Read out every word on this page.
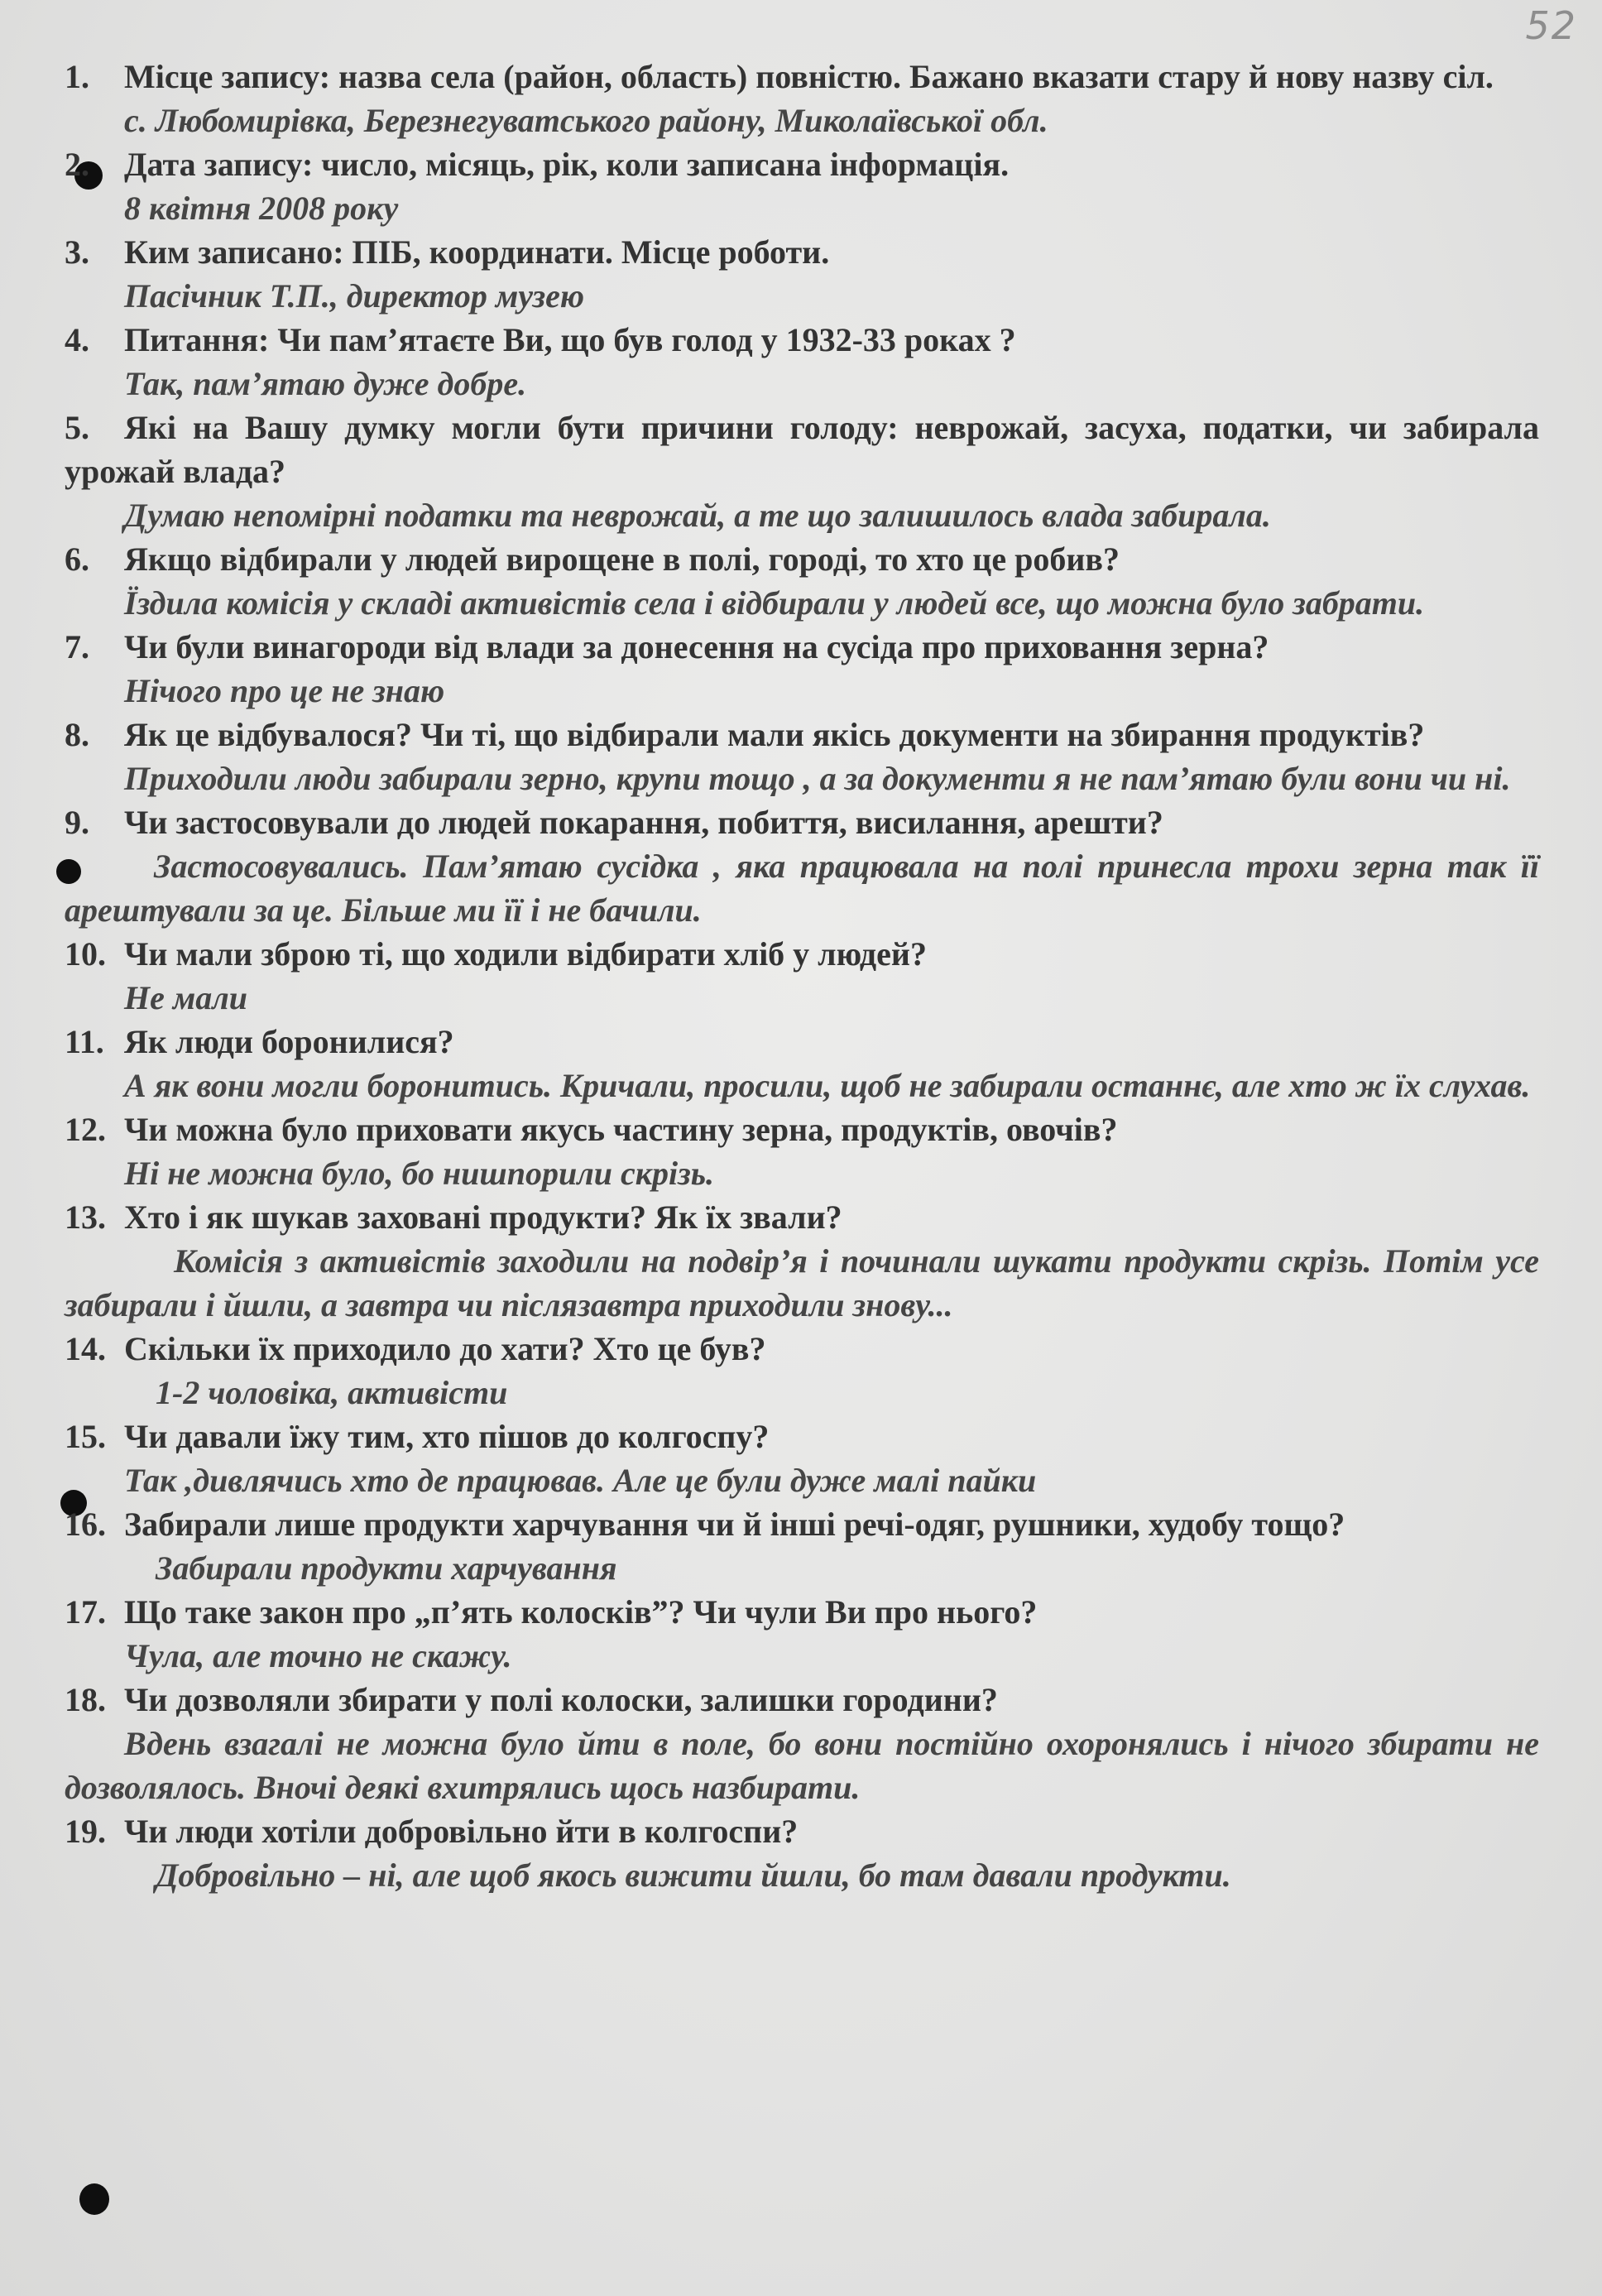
52
1. Місце запису: назва села (район, область) повністю. Бажано вказати стару й нову назву сіл.
с. Любомирівка, Березнегуватського району, Миколаївської обл.
2. Дата запису: число, місяць, рік, коли записана інформація.
8 квітня 2008 року
3. Ким записано: ПІБ, координати. Місце роботи.
Пасічник Т.П., директор музею
4. Питання: Чи пам’ятаєте Ви, що був голод у 1932-33 роках ?
Так, пам’ятаю дуже добре.
5. Які на Вашу думку могли бути причини голоду: неврожай, засуха, податки, чи забирала урожай влада?
Думаю непомірні податки та неврожай, а те що залишилось влада забирала.
6. Якщо відбирали у людей вирощене в полі, городі, то хто це робив?
Їздила комісія у складі активістів села і відбирали у людей все, що можна було забрати.
7. Чи були винагороди від влади за донесення на сусіда про приховання зерна?
Нічого про це не знаю
8. Як це відбувалося? Чи ті, що відбирали мали якісь документи на збирання продуктів?
Приходили люди забирали зерно, крупи тощо , а за документи я не пам’ятаю були вони чи ні.
9. Чи застосовували до людей покарання, побиття, висилання, арешти?
Застосовувались. Пам’ятаю сусідка , яка працювала на полі принесла трохи зерна так її арештували за це. Більше ми її і не бачили.
10. Чи мали зброю ті, що ходили відбирати хліб у людей?
Не мали
11. Як люди боронилися?
А як вони могли боронитись. Кричали, просили, щоб не забирали останнє, але хто ж їх слухав.
12. Чи можна було приховати якусь частину зерна, продуктів, овочів?
Ні не можна було, бо нишпорили скрізь.
13. Хто і як шукав заховані продукти? Як їх звали?
Комісія з активістів заходили на подвір’я і починали шукати продукти скрізь. Потім усе забирали і йшли, а завтра чи післязавтра приходили знову...
14. Скільки їх приходило до хати? Хто це був?
1-2 чоловіка, активісти
15. Чи давали їжу тим, хто пішов до колгоспу?
Так ,дивлячись хто де працював. Але це були дуже малі пайки
16. Забирали лише продукти харчування чи й інші речі-одяг, рушники, худобу тощо?
Забирали продукти харчування
17. Що таке закон про „п’ять колосків”? Чи чули Ви про нього?
Чула, але точно не скажу.
18. Чи дозволяли збирати у полі колоски, залишки городини?
Вдень взагалі не можна було йти в поле, бо вони постійно охоронялись і нічого збирати не дозволялось. Вночі деякі вхитрялись щось назбирати.
19. Чи люди хотіли добровільно йти в колгоспи?
Добровільно – ні, але щоб якось вижити йшли, бо там давали продукти.
